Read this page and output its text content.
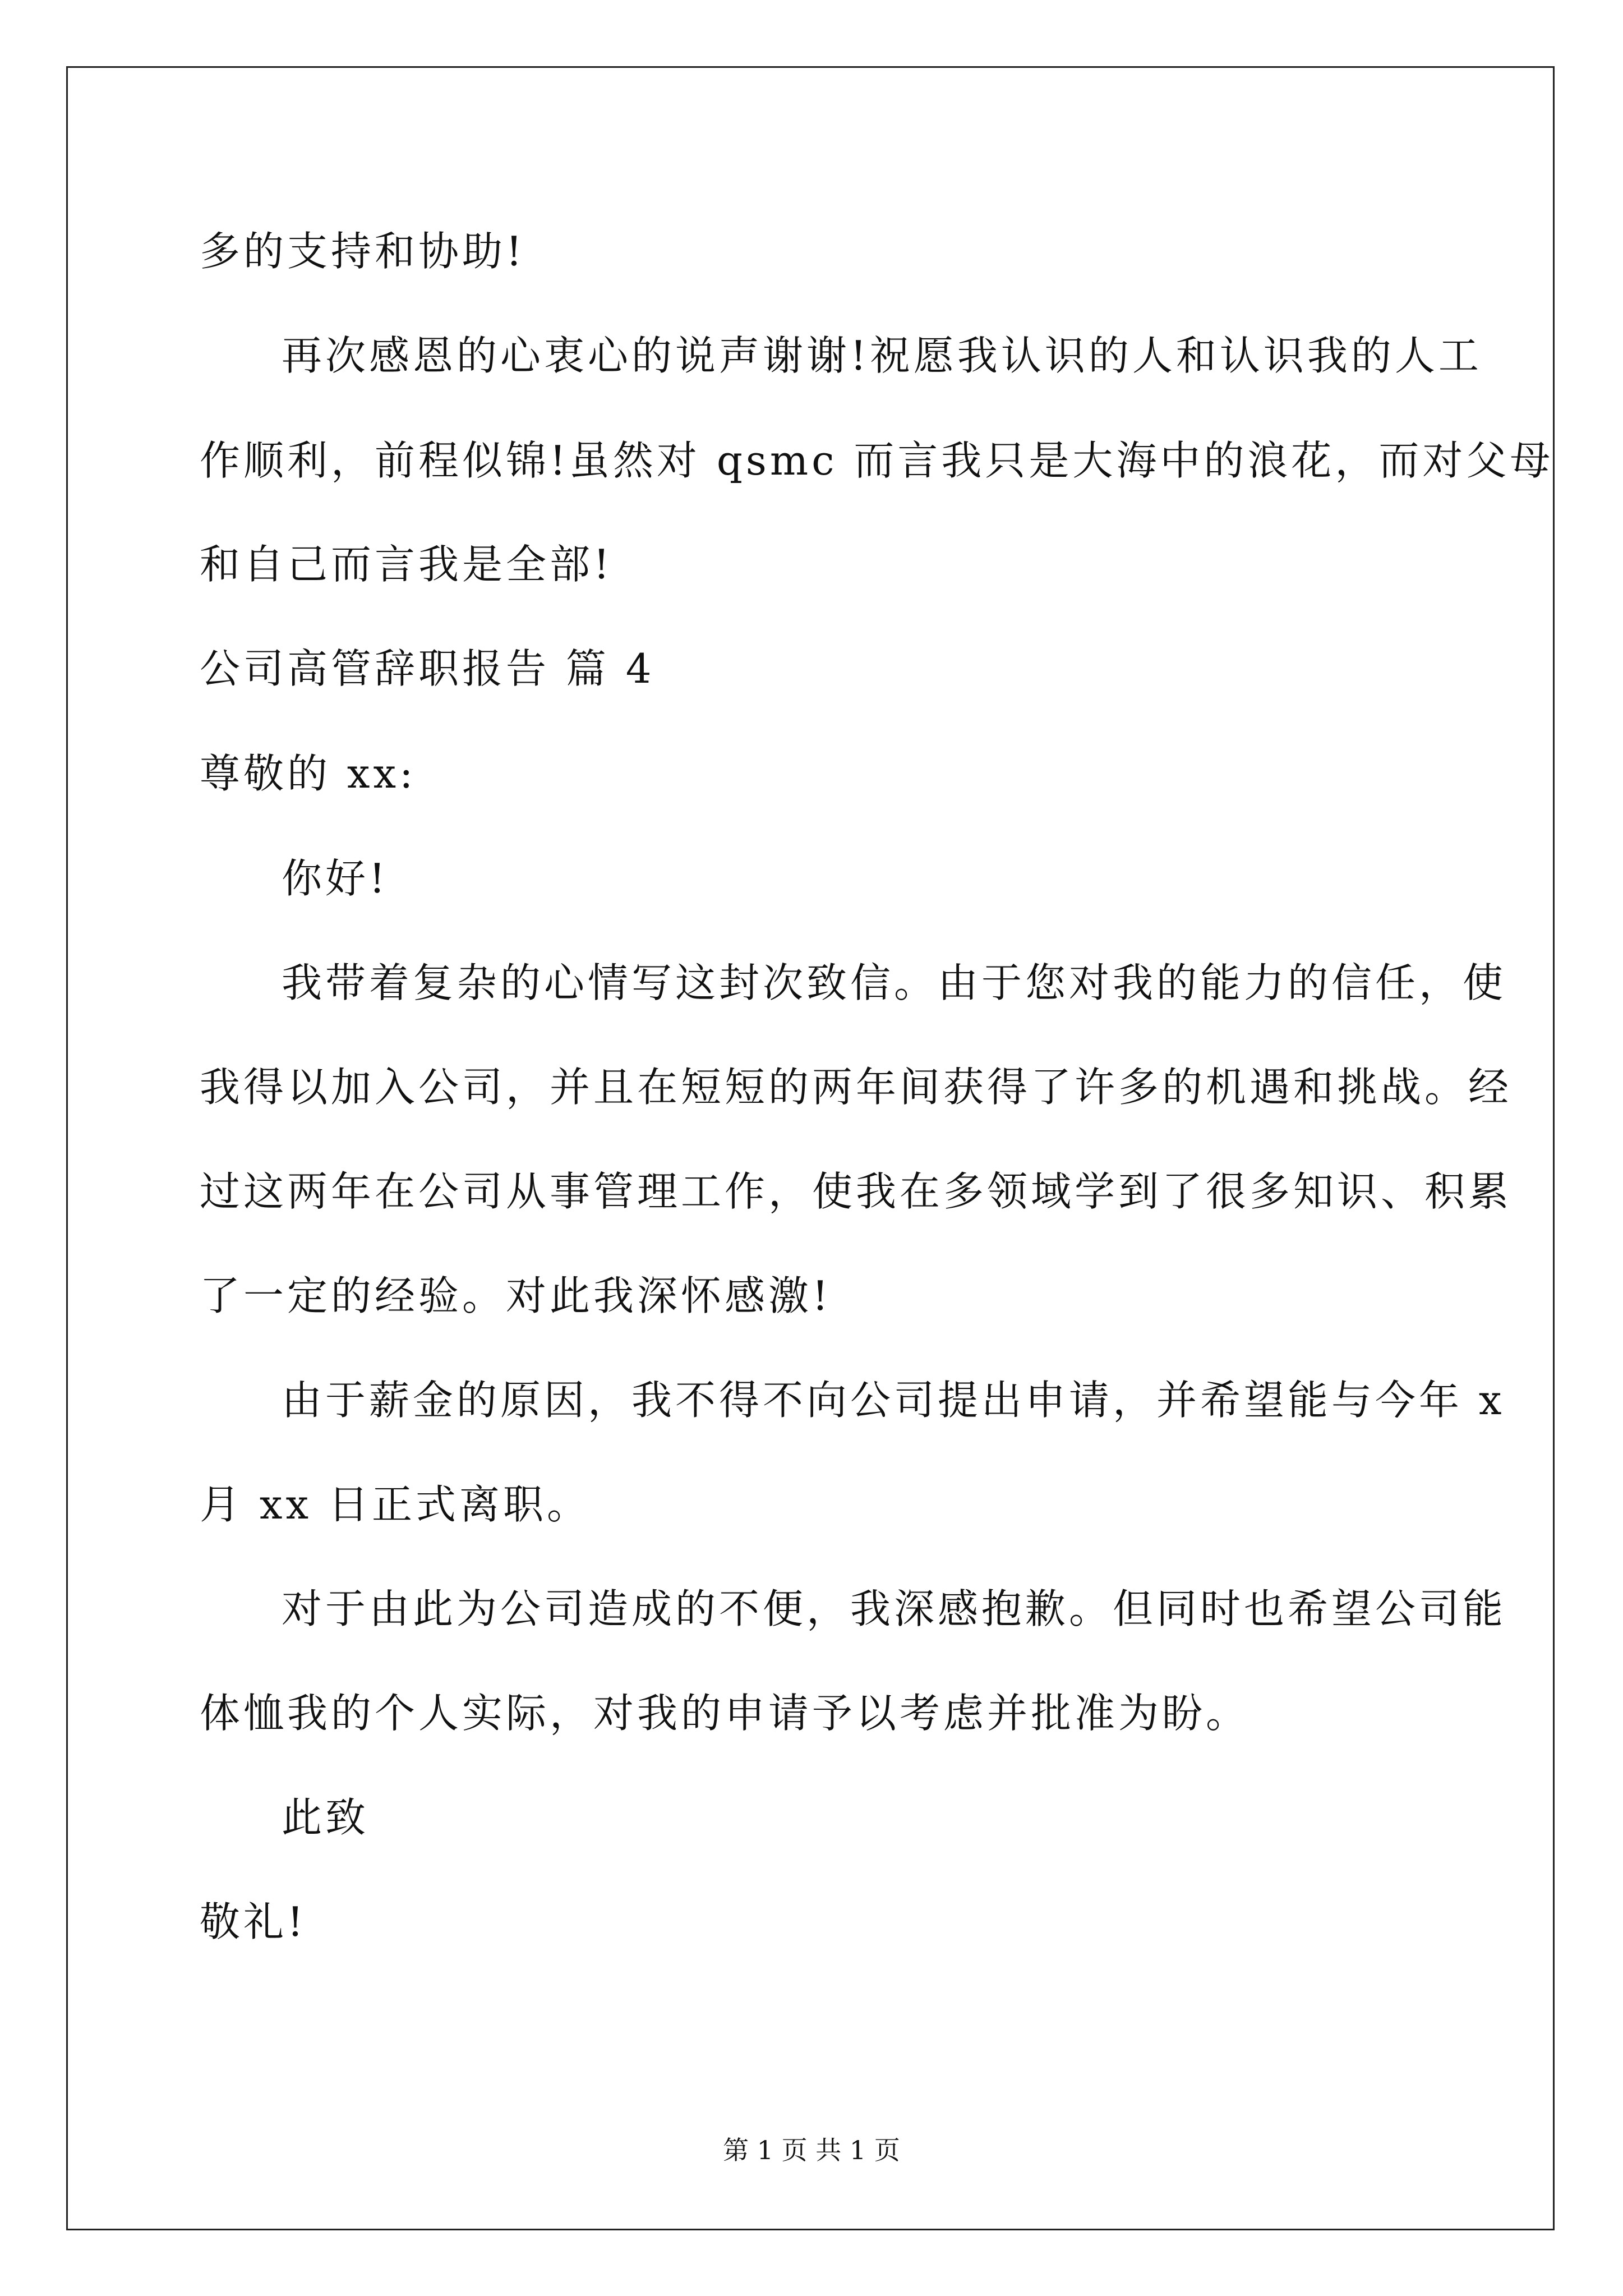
多的支持和协助!
再次感恩的心衷心的说声谢谢!祝愿我认识的人和认识我的人工
作顺利，前程似锦!虽然对 qsmc 而言我只是大海中的浪花，而对父母
和自己而言我是全部!
公司高管辞职报告 篇 4
尊敬的 xx:
你好!
我带着复杂的心情写这封次致信。由于您对我的能力的信任，使
我得以加入公司，并且在短短的两年间获得了许多的机遇和挑战。经
过这两年在公司从事管理工作，使我在多领域学到了很多知识、积累
了一定的经验。对此我深怀感激!
由于薪金的原因，我不得不向公司提出申请，并希望能与今年 x
月 xx 日正式离职。
对于由此为公司造成的不便，我深感抱歉。但同时也希望公司能
体恤我的个人实际，对我的申请予以考虑并批准为盼。
此致
敬礼!
第 1 页 共 1 页
